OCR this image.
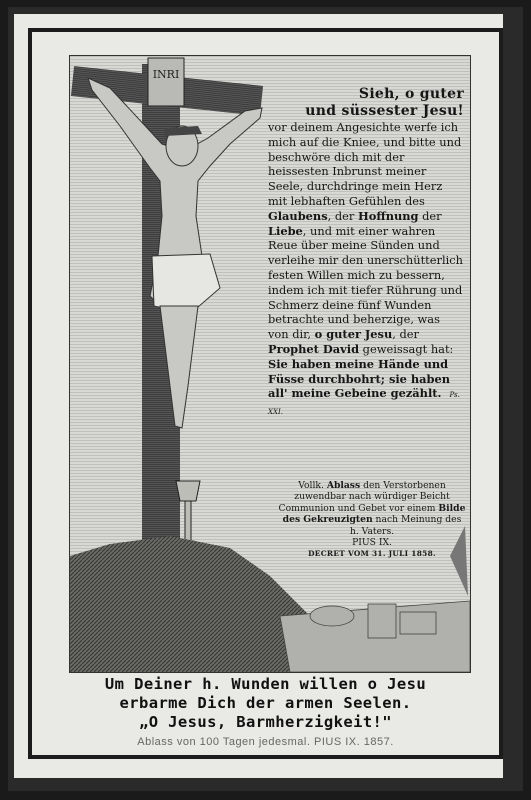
INRI
Sieh, o guter
und süssester Jesu!

vor deinem Angesichte werfe ich mich auf die Kniee, und bitte und beschwöre dich mit der heissesten Inbrunst meiner Seele, durchdringe mein Herz mit lebhaften Gefühlen des Glaubens, der Hoffnung der Liebe, und mit einer wahren Reue über meine Sünden und verleihe mir den unerschütterlich festen Willen mich zu bessern, indem ich mit tiefer Rührung und Schmerz deine fünf Wunden betrachte und beherzige, was von dir, o guter Jesu, der Prophet David geweissagt hat: Sie haben meine Hände und Füsse durchbohrt; sie haben all' meine Gebeine gezählt. Ps. XXI.

Vollk. Ablass den Verstorbenen zuwendbar nach würdiger Beicht Communion und Gebet vor einem Bilde des Gekreuzigten nach Meinung des h. Vaters.
PIUS IX.
DECRET VOM 31. JULI 1858.
Um Deiner h. Wunden willen o Jesu
erbarme Dich der armen Seelen.
„O Jesus, Barmherzigkeit!"
Ablass von 100 Tagen jedesmal. PIUS IX. 1857.
